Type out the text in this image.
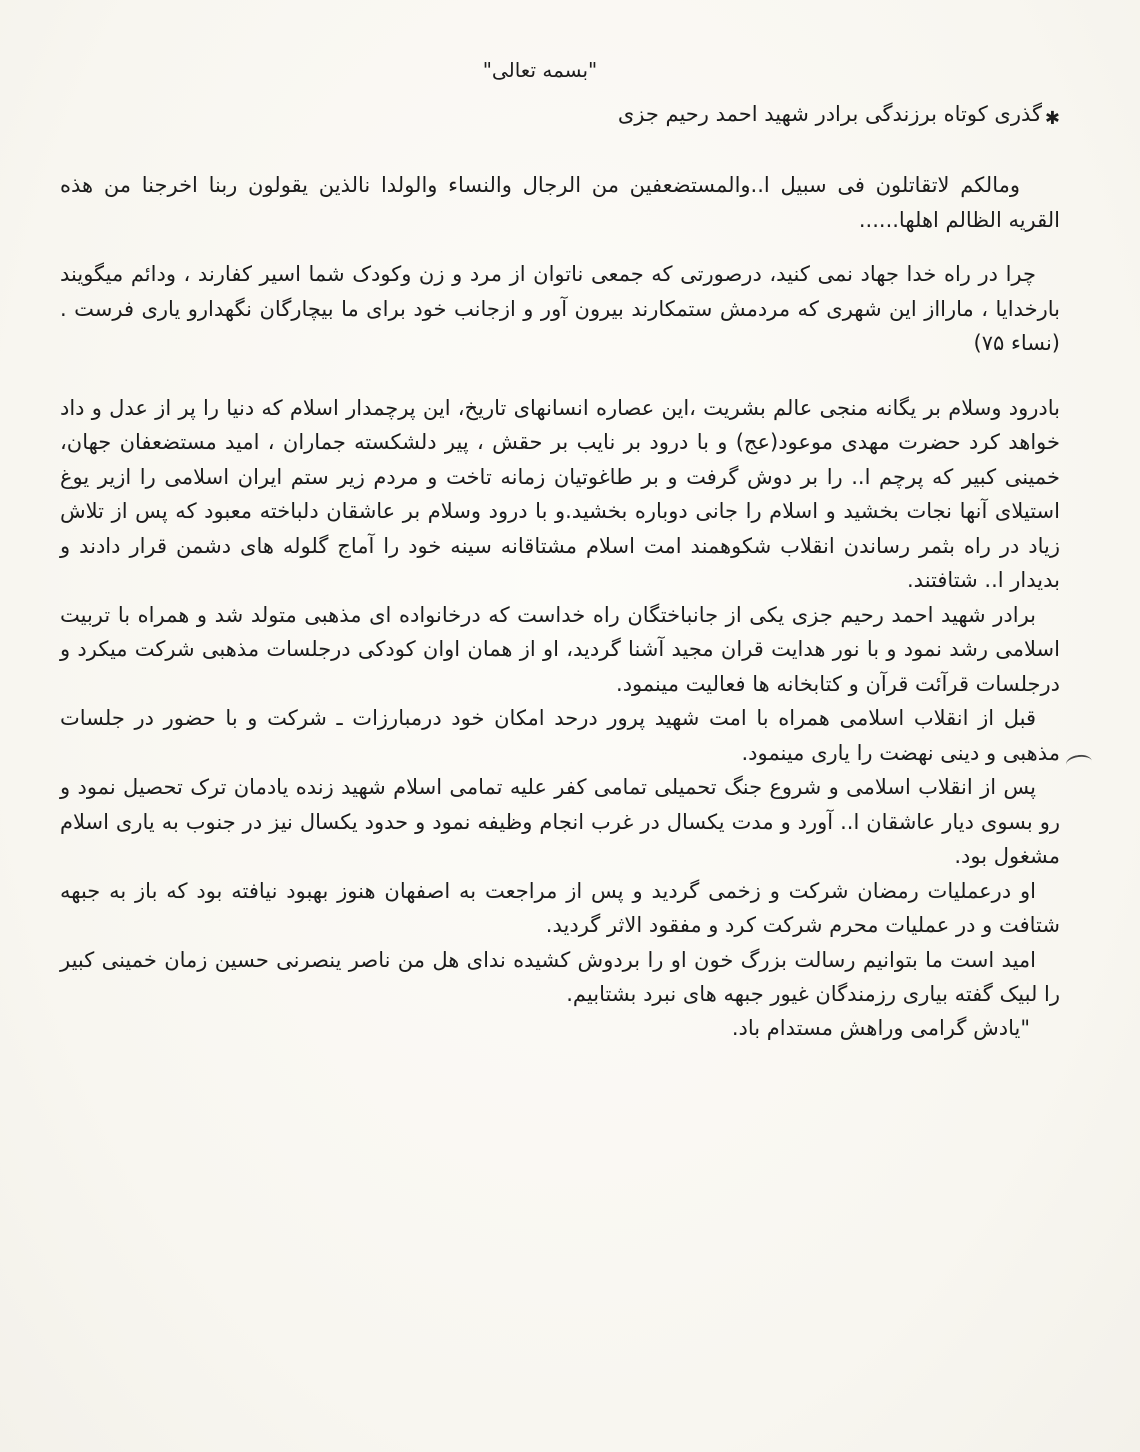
"بسمه تعالی"
✱
گذری کوتاه برزندگی برادر شهید احمد رحیم جزی

ومالکم لاتقاتلون فی سبیل ا..والمستضعفین من الرجال والنساء والولدا نالذین یقولون ربنا اخرجنا من هذه القریه الظالم اهلها......

چرا در راه خدا جهاد نمی کنید، درصورتی که جمعی ناتوان از مرد و زن وکودک شما اسیر کفارند ، ودائم میگویند بارخدایا ، مارااز این شهری که مردمش ستمکارند بیرون آور و ازجانب خود برای ما بیچارگان نگهدارو یاری فرست . (نساء ۷۵)

بادرود وسلام بر یگانه منجی عالم بشریت ،این عصاره انسانهای تاریخ، این پرچمدار اسلام که دنیا را پر از عدل و داد خواهد کرد حضرت مهدی موعود(عج) و با درود بر نایب بر حقش ، پیر دلشکسته جماران ، امید مستضعفان جهان، خمینی کبیر که پرچم ا.. را بر دوش گرفت و بر طاغوتیان زمانه تاخت و مردم زیر ستم ایران اسلامی را ازیر یوغ استیلای آنها نجات بخشید و اسلام را جانی دوباره بخشید.و با درود وسلام بر عاشقان دلباخته معبود که پس از تلاش زیاد در راه بثمر رساندن انقلاب شکوهمند امت اسلام مشتاقانه سینه خود را آماج گلوله های دشمن قرار دادند و بدیدار ا.. شتافتند.

برادر شهید احمد رحیم جزی یکی از جانباختگان راه خداست که درخانواده ای مذهبی متولد شد و همراه با تربیت اسلامی رشد نمود و با نور هدایت قران مجید آشنا گردید، او از همان اوان کودکی درجلسات مذهبی شرکت میکرد و درجلسات قرآئت قرآن و کتابخانه ها فعالیت مینمود.

قبل از انقلاب اسلامی همراه با امت شهید پرور درحد امکان خود درمبارزات ـ شرکت و با حضور در جلسات مذهبی و دینی نهضت را یاری مینمود.

پس از انقلاب اسلامی و شروع جنگ تحمیلی تمامی کفر علیه تمامی اسلام شهید زنده یادمان ترک تحصیل نمود و رو بسوی دیار عاشقان ا.. آورد و مدت یکسال در غرب انجام وظیفه نمود و حدود یکسال نیز در جنوب به یاری اسلام مشغول بود.

او درعملیات رمضان شرکت و زخمی گردید و پس از مراجعت به اصفهان هنوز بهبود نیافته بود که باز به جبهه شتافت و در عملیات محرم شرکت کرد و مفقود الاثر گردید.

امید است ما بتوانیم رسالت بزرگ خون او را بردوش کشیده ندای هل من ناصر ینصرنی حسین زمان خمینی کبیر را لبیک گفته بیاری رزمندگان غیور جبهه های نبرد بشتابیم.

"یادش گرامی وراهش مستدام باد.
